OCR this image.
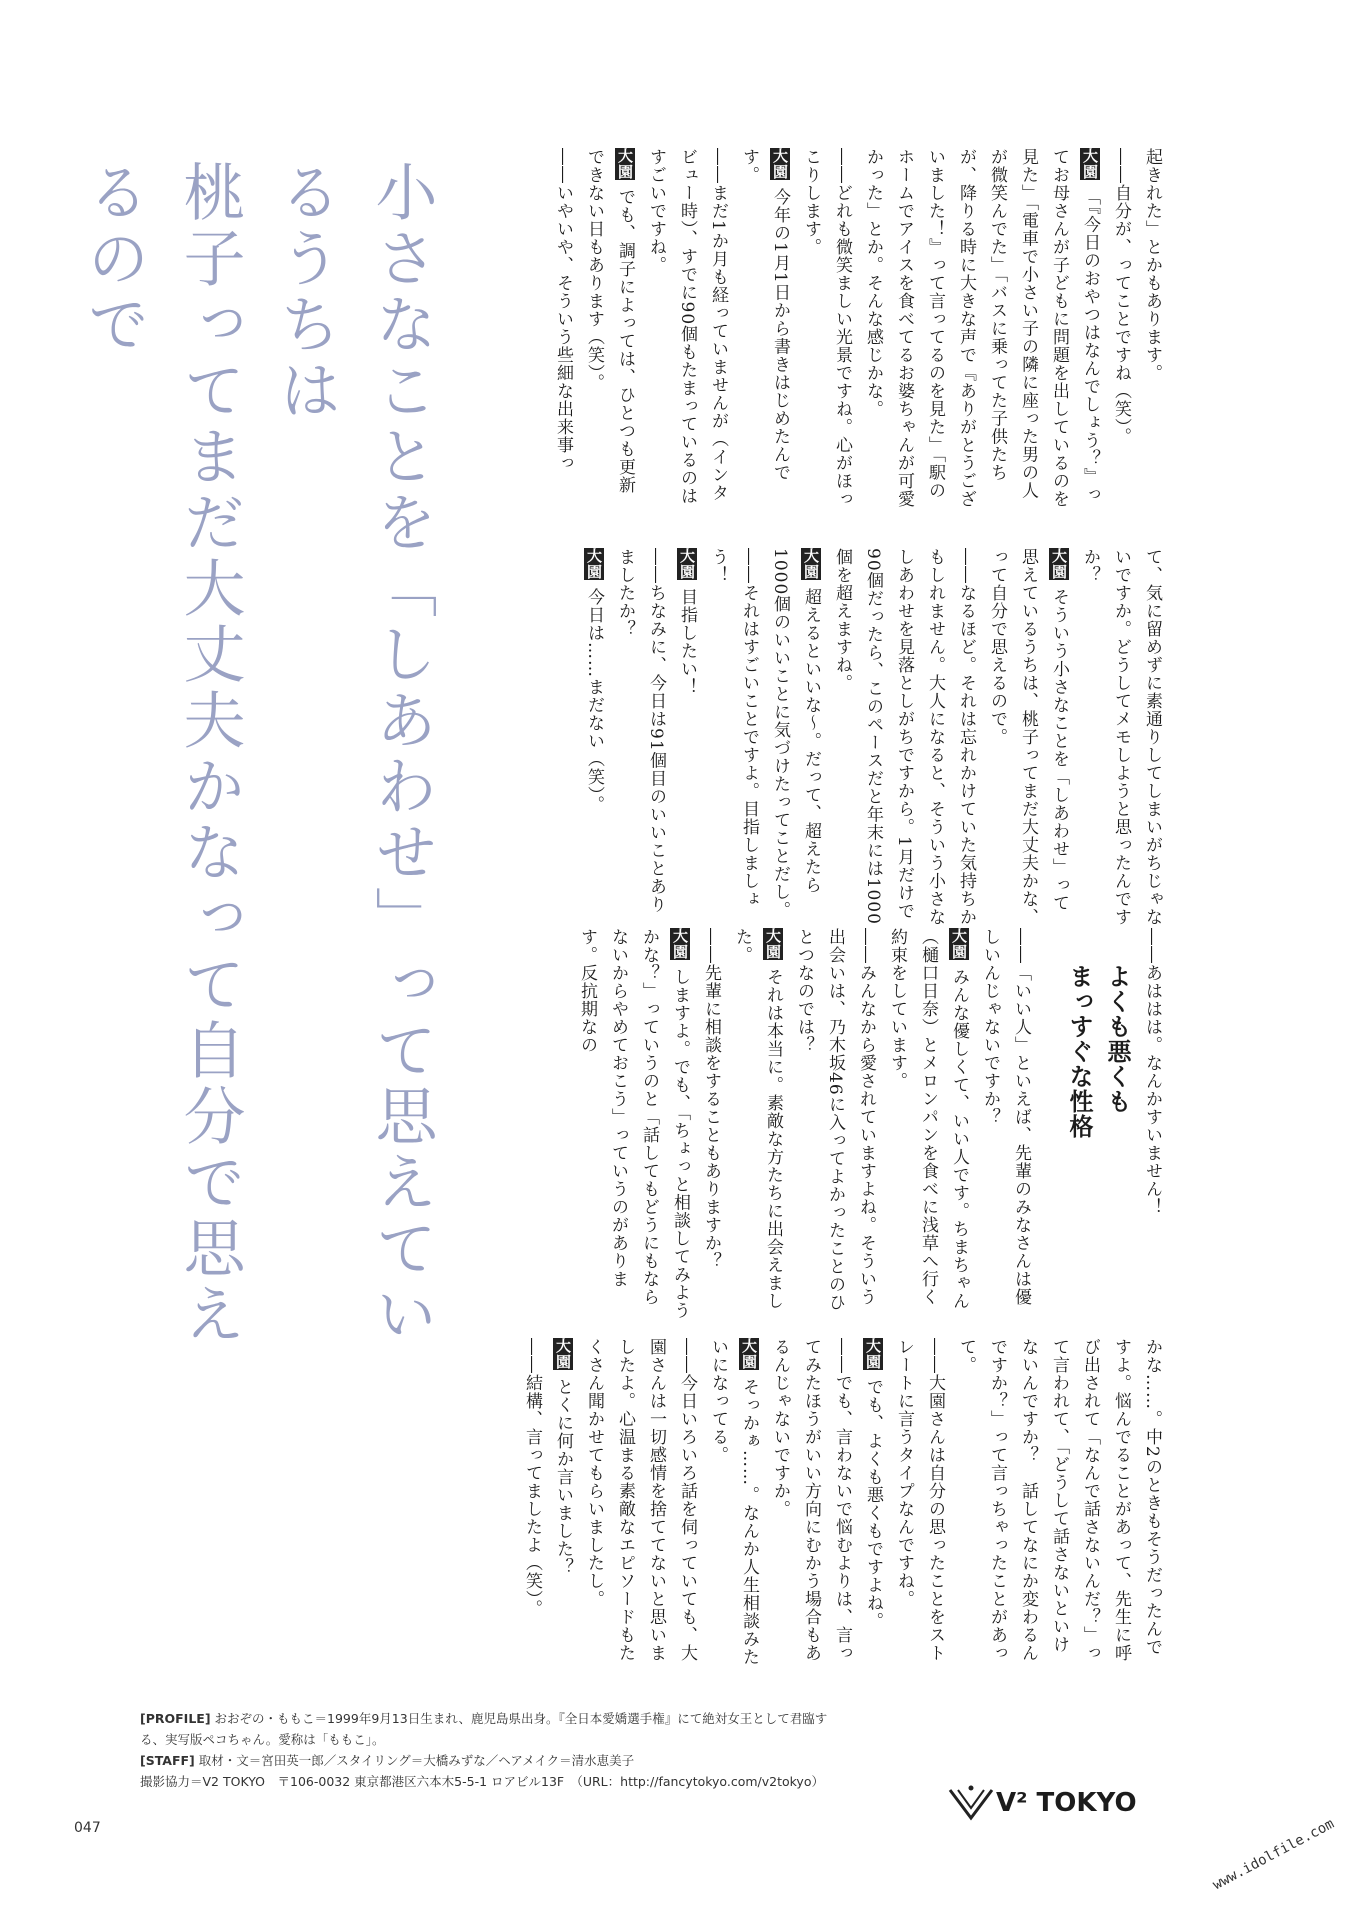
小さなことを「しあわせ」って思えているうちは
桃子ってまだ大丈夫かなって自分で思えるので	起きれた」とかもあります。
――自分が、ってことですね（笑）。
大園「『今日のおやつはなんでしょう？』ってお母さんが子どもに問題を出しているのを見た」「電車で小さい子の隣に座った男の人が微笑んでた」「バスに乗ってた子供たちが、降りる時に大きな声で『ありがとうございました！』って言ってるのを見た」「駅のホームでアイスを食べてるお婆ちゃんが可愛かった」とか。そんな感じかな。
――どれも微笑ましい光景ですね。心がほっこりします。
大園今年の1月1日から書きはじめたんです。
――まだ1か月も経っていませんが（インタビュー時）、すでに90個もたまっているのはすごいですね。
大園でも、調子によっては、ひとつも更新できない日もあります（笑）。
――いやいや、そういう些細な出来事っ
て、気に留めずに素通りしてしまいがちじゃないですか。どうしてメモしようと思ったんですか？
大園そういう小さなことを「しあわせ」って思えているうちは、桃子ってまだ大丈夫かな、って自分で思えるので。
――なるほど。それは忘れかけていた気持ちかもしれません。大人になると、そういう小さなしあわせを見落としがちですから。1月だけで90個だったら、このペースだと年末には1000個を超えますね。
大園超えるといいな～。だって、超えたら1000個のいいことに気づけたってことだし。
――それはすごいことですよ。目指しましょう！
大園目指したい！
――ちなみに、今日は91個目のいいことありましたか？
大園今日は……まだない（笑）。
――あははは。なんかすいません！
よくも悪くも
まっすぐな性格
――「いい人」といえば、先輩のみなさんは優しいんじゃないですか？
大園みんな優しくて、いい人です。ちまちゃん（樋口日奈）とメロンパンを食べに浅草へ行く約束をしています。
――みんなから愛されていますよね。そういう出会いは、乃木坂46に入ってよかったことのひとつなのでは？
大園それは本当に。素敵な方たちに出会えました。
――先輩に相談をすることもありますか？
大園しますよ。でも、「ちょっと相談してみようかな？」っていうのと「話してもどうにもならないからやめておこう」っていうのがあります。反抗期なの
かな……。中2のときもそうだったんですよ。悩んでることがあって、先生に呼び出されて「なんで話さないんだ？」って言われて、「どうして話さないといけないんですか？　話してなにか変わるんですか？」って言っちゃったことがあって。
――大園さんは自分の思ったことをストレートに言うタイプなんですね。
大園でも、よくも悪くもですよね。
――でも、言わないで悩むよりは、言ってみたほうがいい方向にむかう場合もあるんじゃないですか。
大園そっかぁ……。なんか人生相談みたいになってる。
――今日いろいろ話を伺っていても、大園さんは一切感情を捨ててないと思いましたよ。心温まる素敵なエピソードもたくさん聞かせてもらいましたし。
大園とくに何か言いました？
――結構、言ってましたよ（笑）。
[PROFILE] おおぞの・ももこ＝1999年9月13日生まれ、鹿児島県出身。『全日本愛嬌選手権』にて絶対女王として君臨する、実写版ペコちゃん。愛称は「ももこ」。
[STAFF] 取材・文＝宮田英一郎／スタイリング＝大橋みずな／ヘアメイク＝清水恵美子
撮影協力＝V2 TOKYO　〒106-0032 東京都港区六本木5-5-1 ロアビル13F　（URL：http://fancytokyo.com/v2tokyo）
047
V² TOKYO
www.idolfile.com
